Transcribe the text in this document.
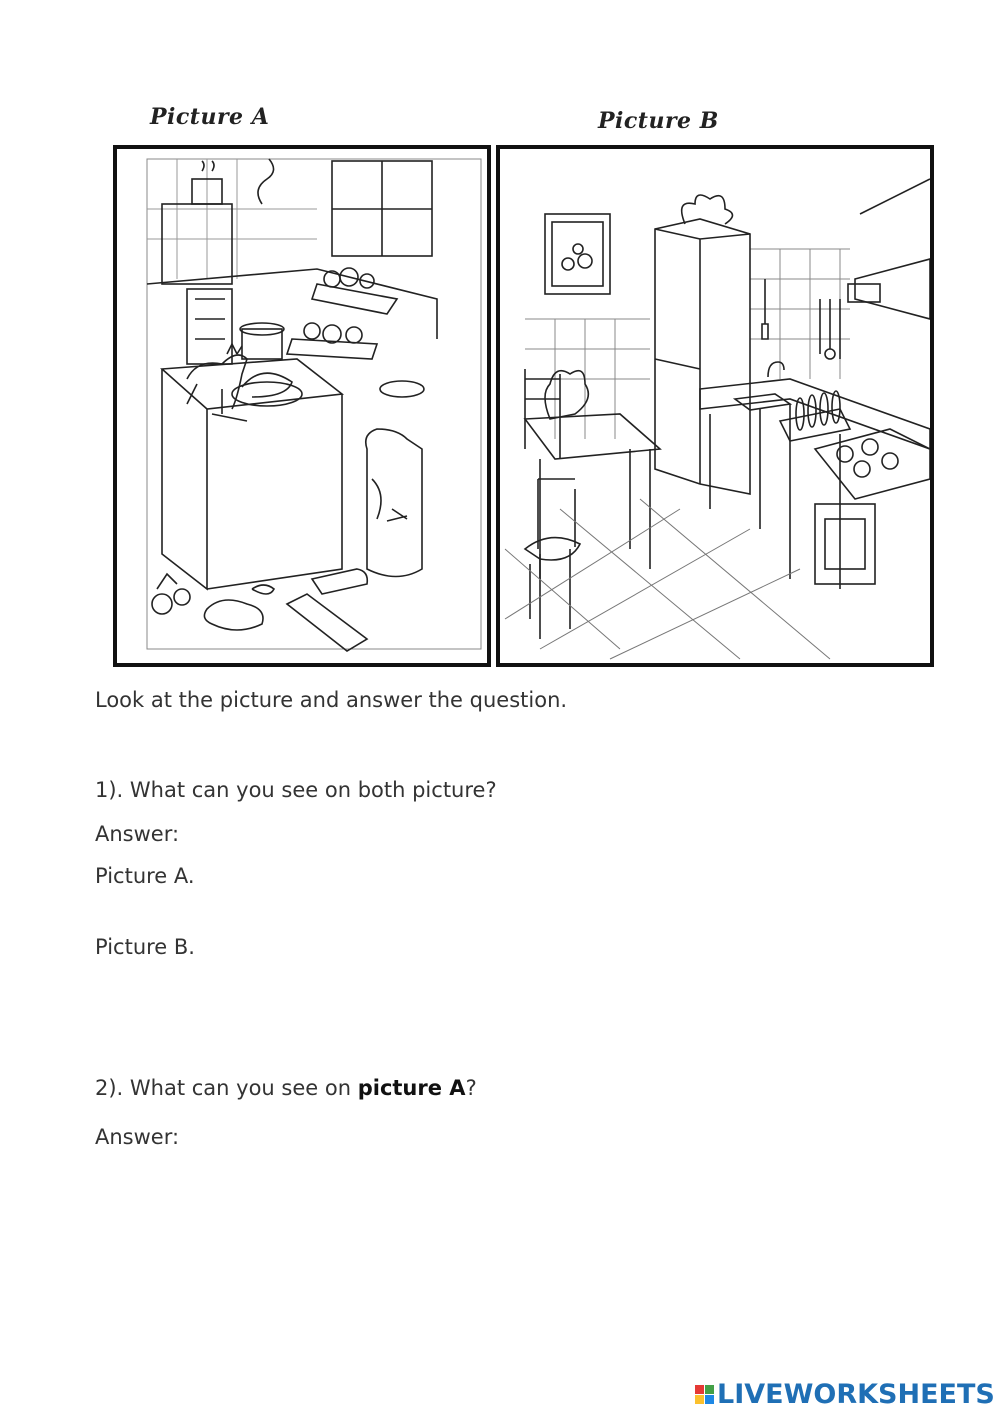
Picture A	Picture B
Look at the picture and answer the question.
1). What can you see on both picture?
Answer:
Picture A.
Picture B.
2). What can you see on picture A?
Answer:
LIVEWORKSHEETS
